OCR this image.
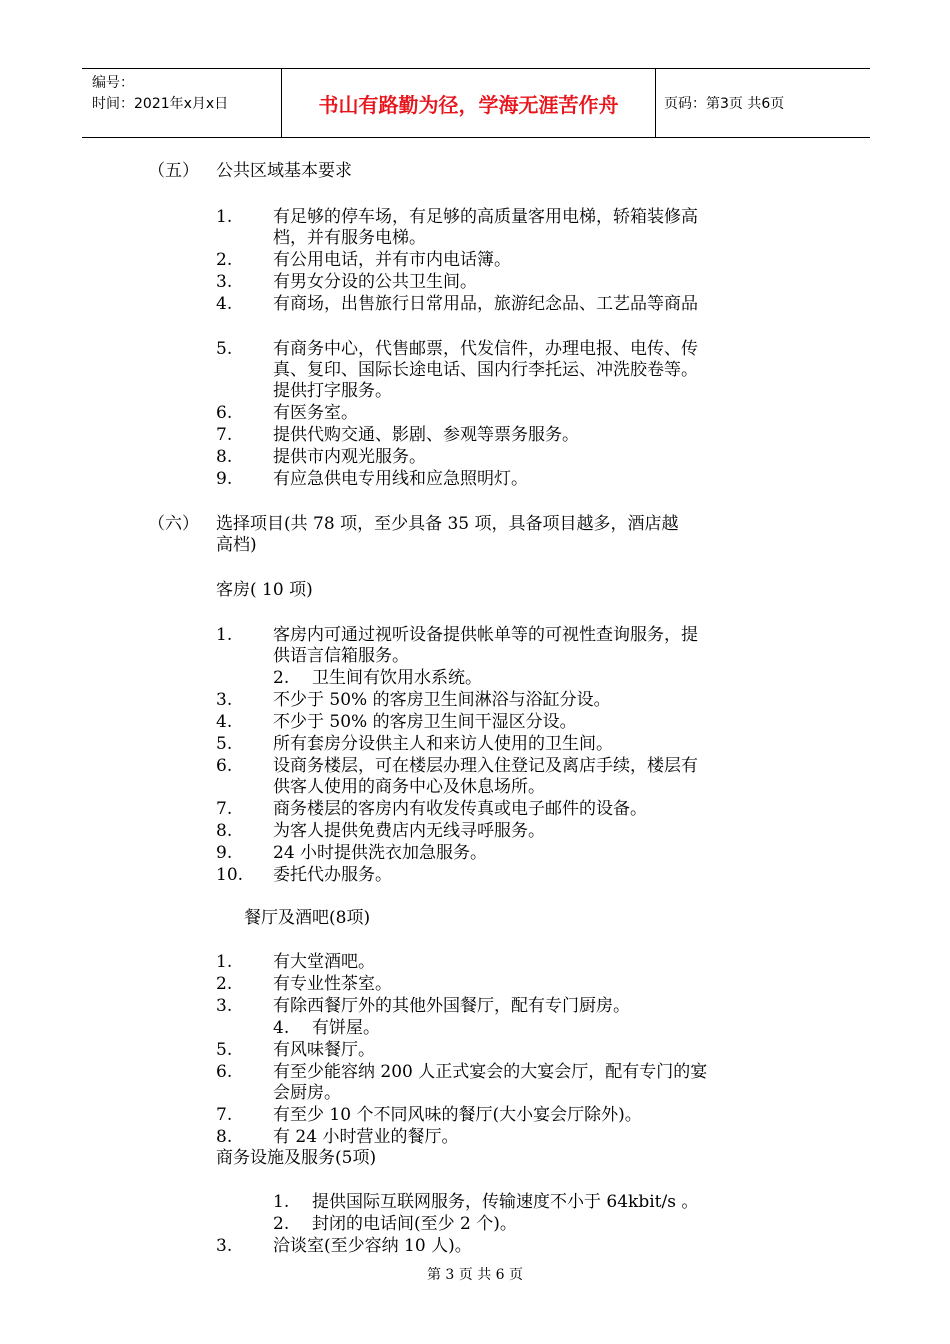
编号：
时间：2021年x月x日	书山有路勤为径，学海无涯苦作舟	页码：第3页 共6页
（五） 公共区域基本要求
1. 有足够的停车场，有足够的高质量客用电梯，轿箱装修高
档，并有服务电梯。
2. 有公用电话，并有市内电话簿。
3. 有男女分设的公共卫生间。
4. 有商场，出售旅行日常用品，旅游纪念品、工艺品等商品
5. 有商务中心，代售邮票，代发信件，办理电报、电传、传
真、复印、国际长途电话、国内行李托运、冲洗胶卷等。
提供打字服务。
6. 有医务室。
7. 提供代购交通、影剧、参观等票务服务。
8. 提供市内观光服务。
9. 有应急供电专用线和应急照明灯。
（六） 选择项目(共 78 项，至少具备 35 项，具备项目越多，酒店越
高档)
客房( 10 项)
1. 客房内可通过视听设备提供帐单等的可视性查询服务，提
供语言信箱服务。
2. 卫生间有饮用水系统。
3. 不少于 50% 的客房卫生间淋浴与浴缸分设。
4. 不少于 50% 的客房卫生间干湿区分设。
5. 所有套房分设供主人和来访人使用的卫生间。
6. 设商务楼层，可在楼层办理入住登记及离店手续，楼层有
供客人使用的商务中心及休息场所。
7. 商务楼层的客房内有收发传真或电子邮件的设备。
8. 为客人提供免费店内无线寻呼服务。
9. 24 小时提供洗衣加急服务。
10. 委托代办服务。
餐厅及酒吧(8项)
1. 有大堂酒吧。
2. 有专业性茶室。
3. 有除西餐厅外的其他外国餐厅，配有专门厨房。
4. 有饼屋。
5. 有风味餐厅。
6. 有至少能容纳 200 人正式宴会的大宴会厅，配有专门的宴
会厨房。
7. 有至少 10 个不同风味的餐厅(大小宴会厅除外)。
8. 有 24 小时营业的餐厅。
商务设施及服务(5项)
1. 提供国际互联网服务，传输速度不小于 64kbit/s 。
2. 封闭的电话间(至少 2 个)。
3. 洽谈室(至少容纳 10 人)。
第 3 页 共 6 页
